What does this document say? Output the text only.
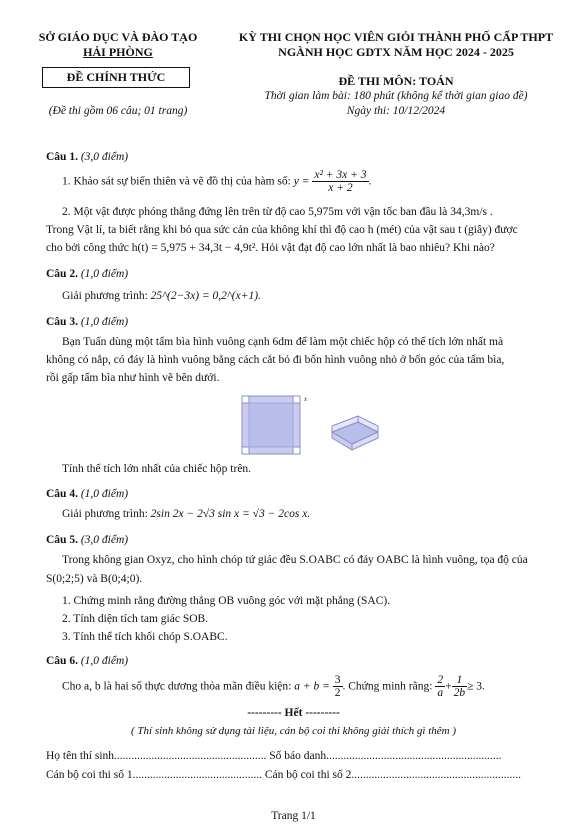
SỞ GIÁO DỤC VÀ ĐÀO TẠO
HẢI PHÒNG
ĐỀ CHÍNH THỨC
(Đề thi gồm 06 câu; 01 trang)
KỲ THI CHỌN HỌC VIÊN GIỎI THÀNH PHỐ CẤP THPT
NGÀNH HỌC GDTX NĂM HỌC 2024 - 2025
ĐỀ THI MÔN: TOÁN
Thời gian làm bài: 180 phút (không kể thời gian giao đề)
Ngày thi: 10/12/2024
Câu 1. (3,0 điểm)
1. Khảo sát sự biến thiên và vẽ đồ thị của hàm số: $y = \frac{\text{x² + 3x + 3}}{x + 2}$ .
2. Một vật được phóng thẳng đứng lên trên từ độ cao 5,975m với vận tốc ban đầu là 34,3m/s .
Trong Vật lí, ta biết rằng khi bỏ qua sức cản của không khí thì độ cao h (mét) của vật sau t (giây) được
cho bởi công thức h(t) = 5,975 + 34,3t − 4,9t². Hỏi vật đạt độ cao lớn nhất là bao nhiêu? Khi nào?
Câu 2. (1,0 điểm)
Giải phương trình: 25^(2−3x) = 0,2^(x+1).
Câu 3. (1,0 điểm)
Bạn Tuấn dùng một tấm bìa hình vuông cạnh 6dm để làm một chiếc hộp có thể tích lớn nhất mà
không có nắp, có đáy là hình vuông bằng cách cắt bỏ đi bốn hình vuông nhỏ ở bốn góc của tấm bìa,
rồi gấp tấm bìa như hình vẽ bên dưới.
x
Tính thể tích lớn nhất của chiếc hộp trên.
Câu 4. (1,0 điểm)
Giải phương trình: 2sin 2x − 2√3 sin x = √3 − 2cos x.
Câu 5. (3,0 điểm)
Trong không gian Oxyz, cho hình chóp tứ giác đều S.OABC có đáy OABC là hình vuông, tọa độ của
S(0;2;5) và B(0;4;0).
1. Chứng minh rằng đường thẳng OB vuông góc với mặt phẳng (SAC).
2. Tính diện tích tam giác SOB.
3. Tính thể tích khối chóp S.OABC.
Câu 6. (1,0 điểm)
Cho a, b là hai số thực dương thỏa mãn điều kiện: $a + b = \frac{3}{2}$ . Chứng minh rằng: $\frac{2}{a} + \frac{1}{2b} \ge 3$.
--------- Hết ---------
( Thí sinh không sử dụng tài liệu, cán bộ coi thi không giải thích gì thêm )
Họ tên thí sinh..................................................... Số báo danh.............................................................
Cán bộ coi thi số 1............................................. Cán bộ coi thi số 2...........................................................
Trang 1/1
